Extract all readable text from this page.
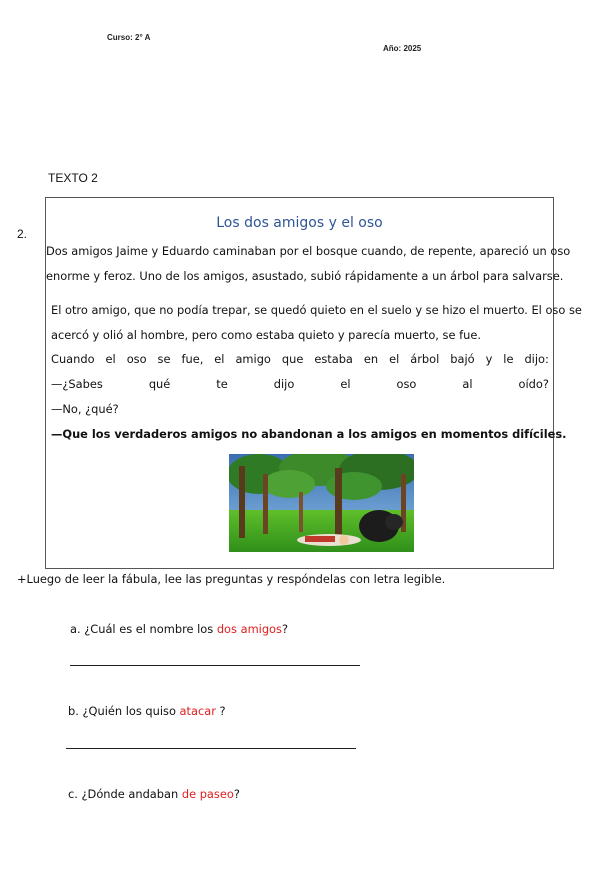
Curso: 2° A
Año: 2025
TEXTO 2
2.
Los dos amigos y el oso
Dos amigos Jaime y Eduardo caminaban por el bosque cuando, de repente, apareció un oso
enorme y feroz. Uno de los amigos, asustado, subió rápidamente a un árbol para salvarse.
El otro amigo, que no podía trepar, se quedó quieto en el suelo y se hizo el muerto. El oso se
acercó y olió al hombre, pero como estaba quieto y parecía muerto, se fue.
Cuando el oso se fue, el amigo que estaba en el árbol bajó y le dijo:
—¿Sabes	qué	te	dijo	el	oso	al	oído?
—No, ¿qué?
—Que los verdaderos amigos no abandonan a los amigos en momentos difíciles.
+Luego de leer la fábula, lee las preguntas y respóndelas con letra legible.
a. ¿Cuál es el nombre los dos amigos?
b. ¿Quién los quiso atacar ?
c. ¿Dónde andaban de paseo?
